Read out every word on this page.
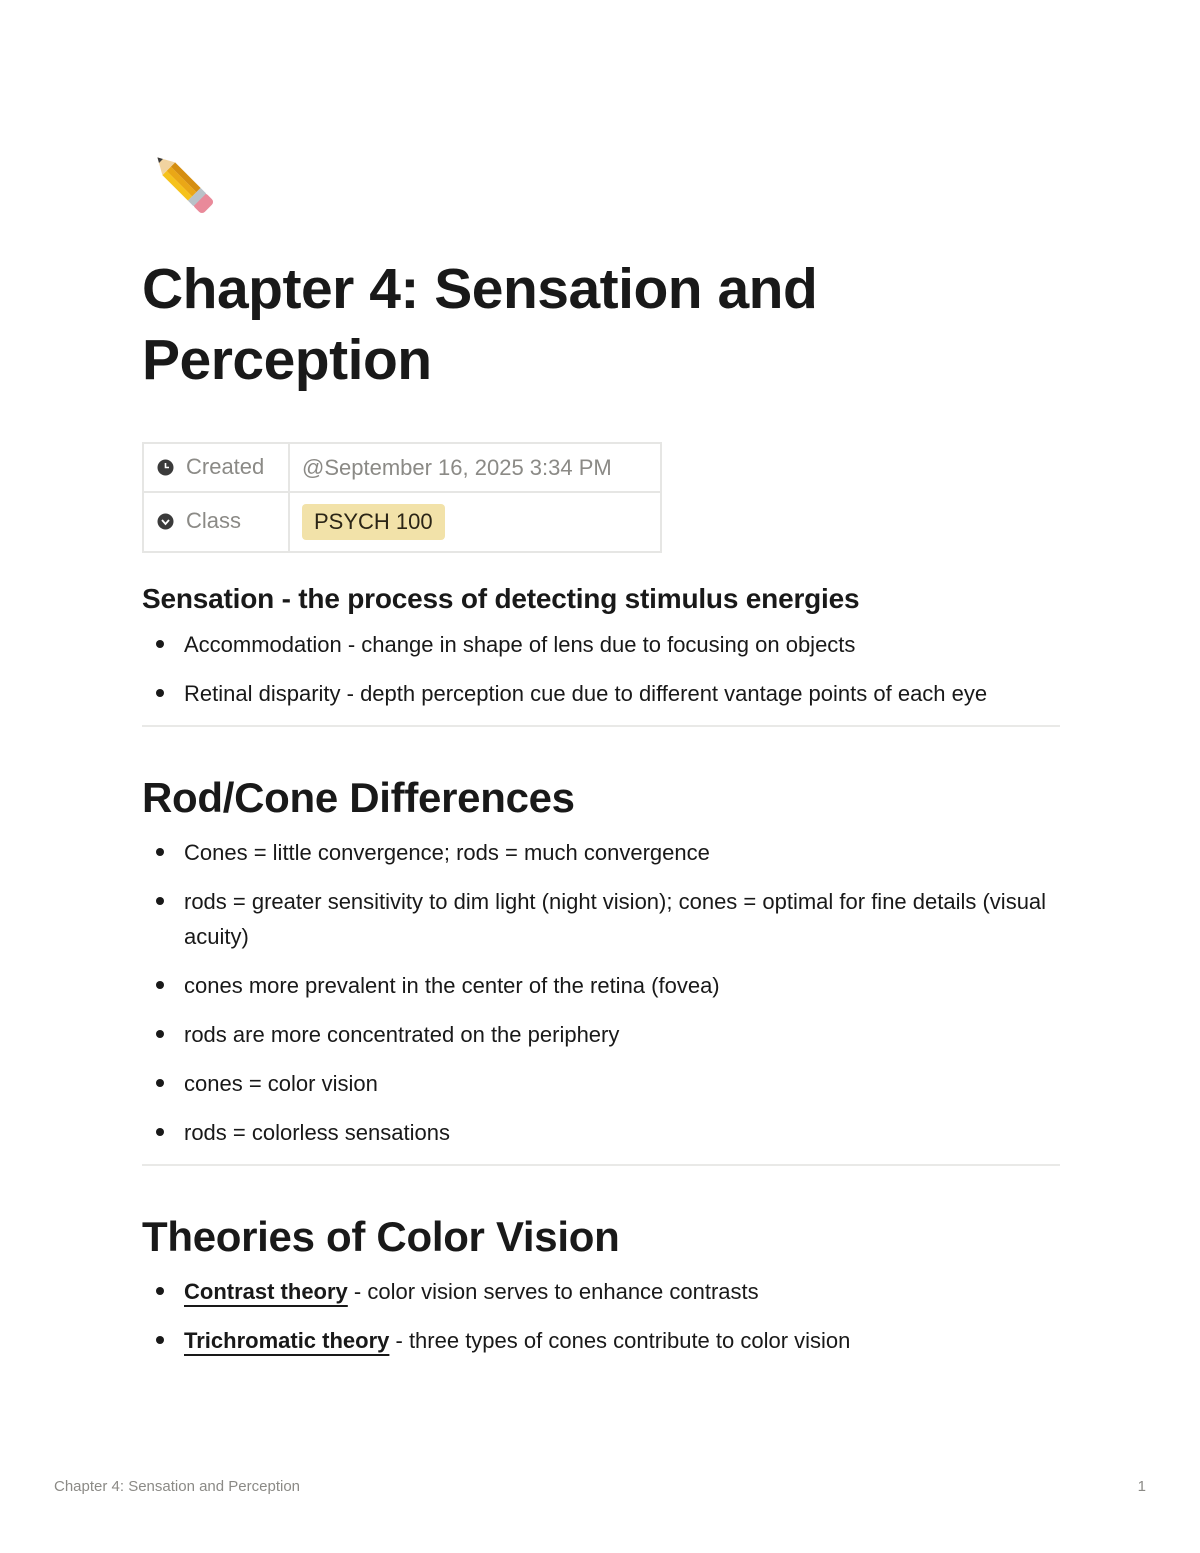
Chapter 4: Sensation and Perception
Created	@September 16, 2025 3:34 PM
Class	PSYCH 100
Sensation - the process of detecting stimulus energies
Accommodation - change in shape of lens due to focusing on objects
Retinal disparity - depth perception cue due to different vantage points of each eye
Rod/Cone Differences
Cones = little convergence; rods = much convergence
rods = greater sensitivity to dim light (night vision); cones = optimal for fine details (visual acuity)
cones more prevalent in the center of the retina (fovea)
rods are more concentrated on the periphery
cones = color vision
rods = colorless sensations
Theories of Color Vision
Contrast theory - color vision serves to enhance contrasts
Trichromatic theory - three types of cones contribute to color vision
Chapter 4: Sensation and Perception	1
